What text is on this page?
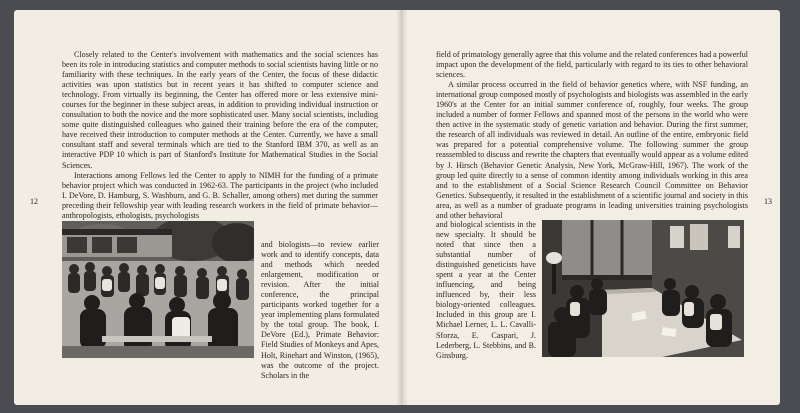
Closely related to the Center's involvement with mathematics and the social sciences has been its role in introducing statistics and computer methods to social scientists having little or no familiarity with these techniques. In the early years of the Center, the focus of these didactic activities was upon statistics but in recent years it has shifted to computer science and technology. From virtually its beginning, the Center has offered more or less extensive mini-courses for the beginner in these subject areas, in addition to providing individual instruction or consultation to both the novice and the more sophisticated user. Many social scientists, including some quite distinguished colleagues who gained their training before the era of the computer, have received their introduction to computer methods at the Center. Currently, we have a small consultant staff and several terminals which are tied to the Stanford IBM 370, as well as an interactive PDP 10 which is part of Stanford's Institute for Mathematical Studies in the Social Sciences.

Interactions among Fellows led the Center to apply to NIMH for the funding of a primate behavior project which was conducted in 1962-63. The participants in the project (who included I. DeVore, D. Hamburg, S. Washburn, and G. B. Schaller, among others) met during the summer preceding their fellowship year with leading research workers in the field of primate behavior—anthropologists, ethologists, psychologists

and biologists—to review earlier work and to identify concepts, data and methods which needed enlargement, modification or revision. After the initial conference, the principal participants worked together for a year implementing plans formulated by the total group. The book, I. DeVore (Ed.), Primate Behavior: Field Studies of Monkeys and Apes, Holt, Rinehart and Winston, (1965), was the outcome of the project. Scholars in the

12

field of primatology generally agree that this volume and the related conferences had a powerful impact upon the development of the field, particularly with regard to its ties to other behavioral sciences.

A similar process occurred in the field of behavior genetics where, with NSF funding, an international group composed mostly of psychologists and biologists was assembled in the early 1960's at the Center for an initial summer conference of, roughly, four weeks. The group included a number of former Fellows and spanned most of the persons in the world who were then active in the systematic study of genetic variation and behavior. During the first summer, the research of all individuals was reviewed in detail. An outline of the entire, embryonic field was prepared for a potential comprehensive volume. The following summer the group reassembled to discuss and rewrite the chapters that eventually would appear as a volume edited by J. Hirsch (Behavior Genetic Analysis, New York, McGraw-Hill, 1967). The work of the group led quite directly to a sense of common identity among individuals working in this area and to the establishment of a Social Science Research Council Committee on Behavior Genetics. Subsequently, it resulted in the establishment of a scientific journal and society in this area, as well as a number of graduate programs in leading universities training psychologists and other behavioral

and biological scientists in the new specialty. It should be noted that since then a substantial number of distinguished geneticists have spent a year at the Center influencing, and being influenced by, their less biology-oriented colleagues. Included in this group are I. Michael Lerner, L. L. Cavalli-Sforza, E. Caspari, J. Lederberg, L. Stebbins, and B. Ginsburg.

13
